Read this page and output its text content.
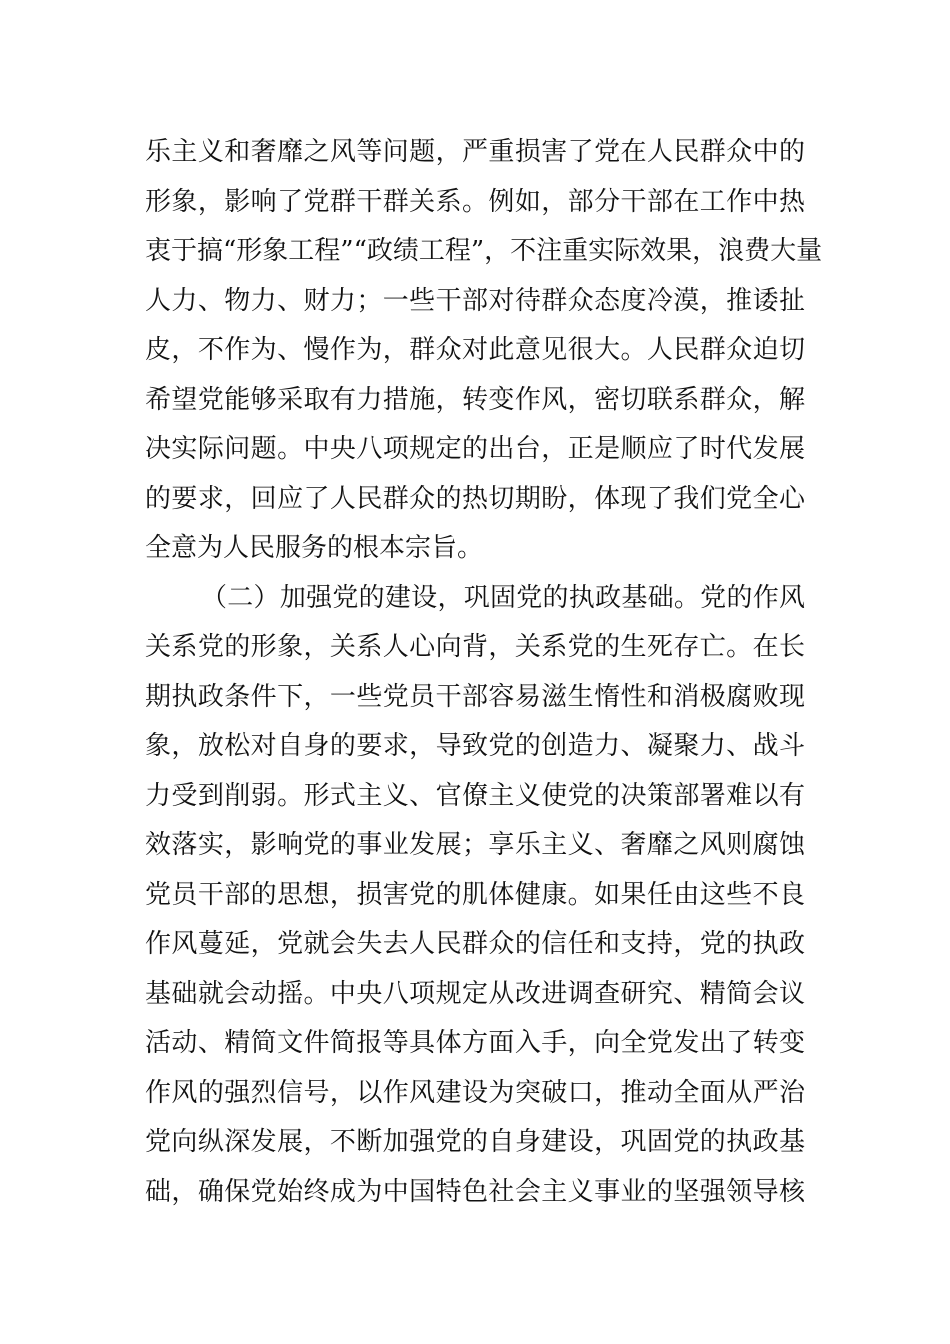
乐主义和奢靡之风等问题，严重损害了党在人民群众中的
形象，影响了党群干群关系。例如，部分干部在工作中热
衷于搞“形象工程”“政绩工程”，不注重实际效果，浪费大量
人力、物力、财力；一些干部对待群众态度冷漠，推诿扯
皮，不作为、慢作为，群众对此意见很大。人民群众迫切
希望党能够采取有力措施，转变作风，密切联系群众，解
决实际问题。中央八项规定的出台，正是顺应了时代发展
的要求，回应了人民群众的热切期盼，体现了我们党全心
全意为人民服务的根本宗旨。
（二）加强党的建设，巩固党的执政基础。党的作风
关系党的形象，关系人心向背，关系党的生死存亡。在长
期执政条件下，一些党员干部容易滋生惰性和消极腐败现
象，放松对自身的要求，导致党的创造力、凝聚力、战斗
力受到削弱。形式主义、官僚主义使党的决策部署难以有
效落实，影响党的事业发展；享乐主义、奢靡之风则腐蚀
党员干部的思想，损害党的肌体健康。如果任由这些不良
作风蔓延，党就会失去人民群众的信任和支持，党的执政
基础就会动摇。中央八项规定从改进调查研究、精简会议
活动、精简文件简报等具体方面入手，向全党发出了转变
作风的强烈信号，以作风建设为突破口，推动全面从严治
党向纵深发展，不断加强党的自身建设，巩固党的执政基
础，确保党始终成为中国特色社会主义事业的坚强领导核
